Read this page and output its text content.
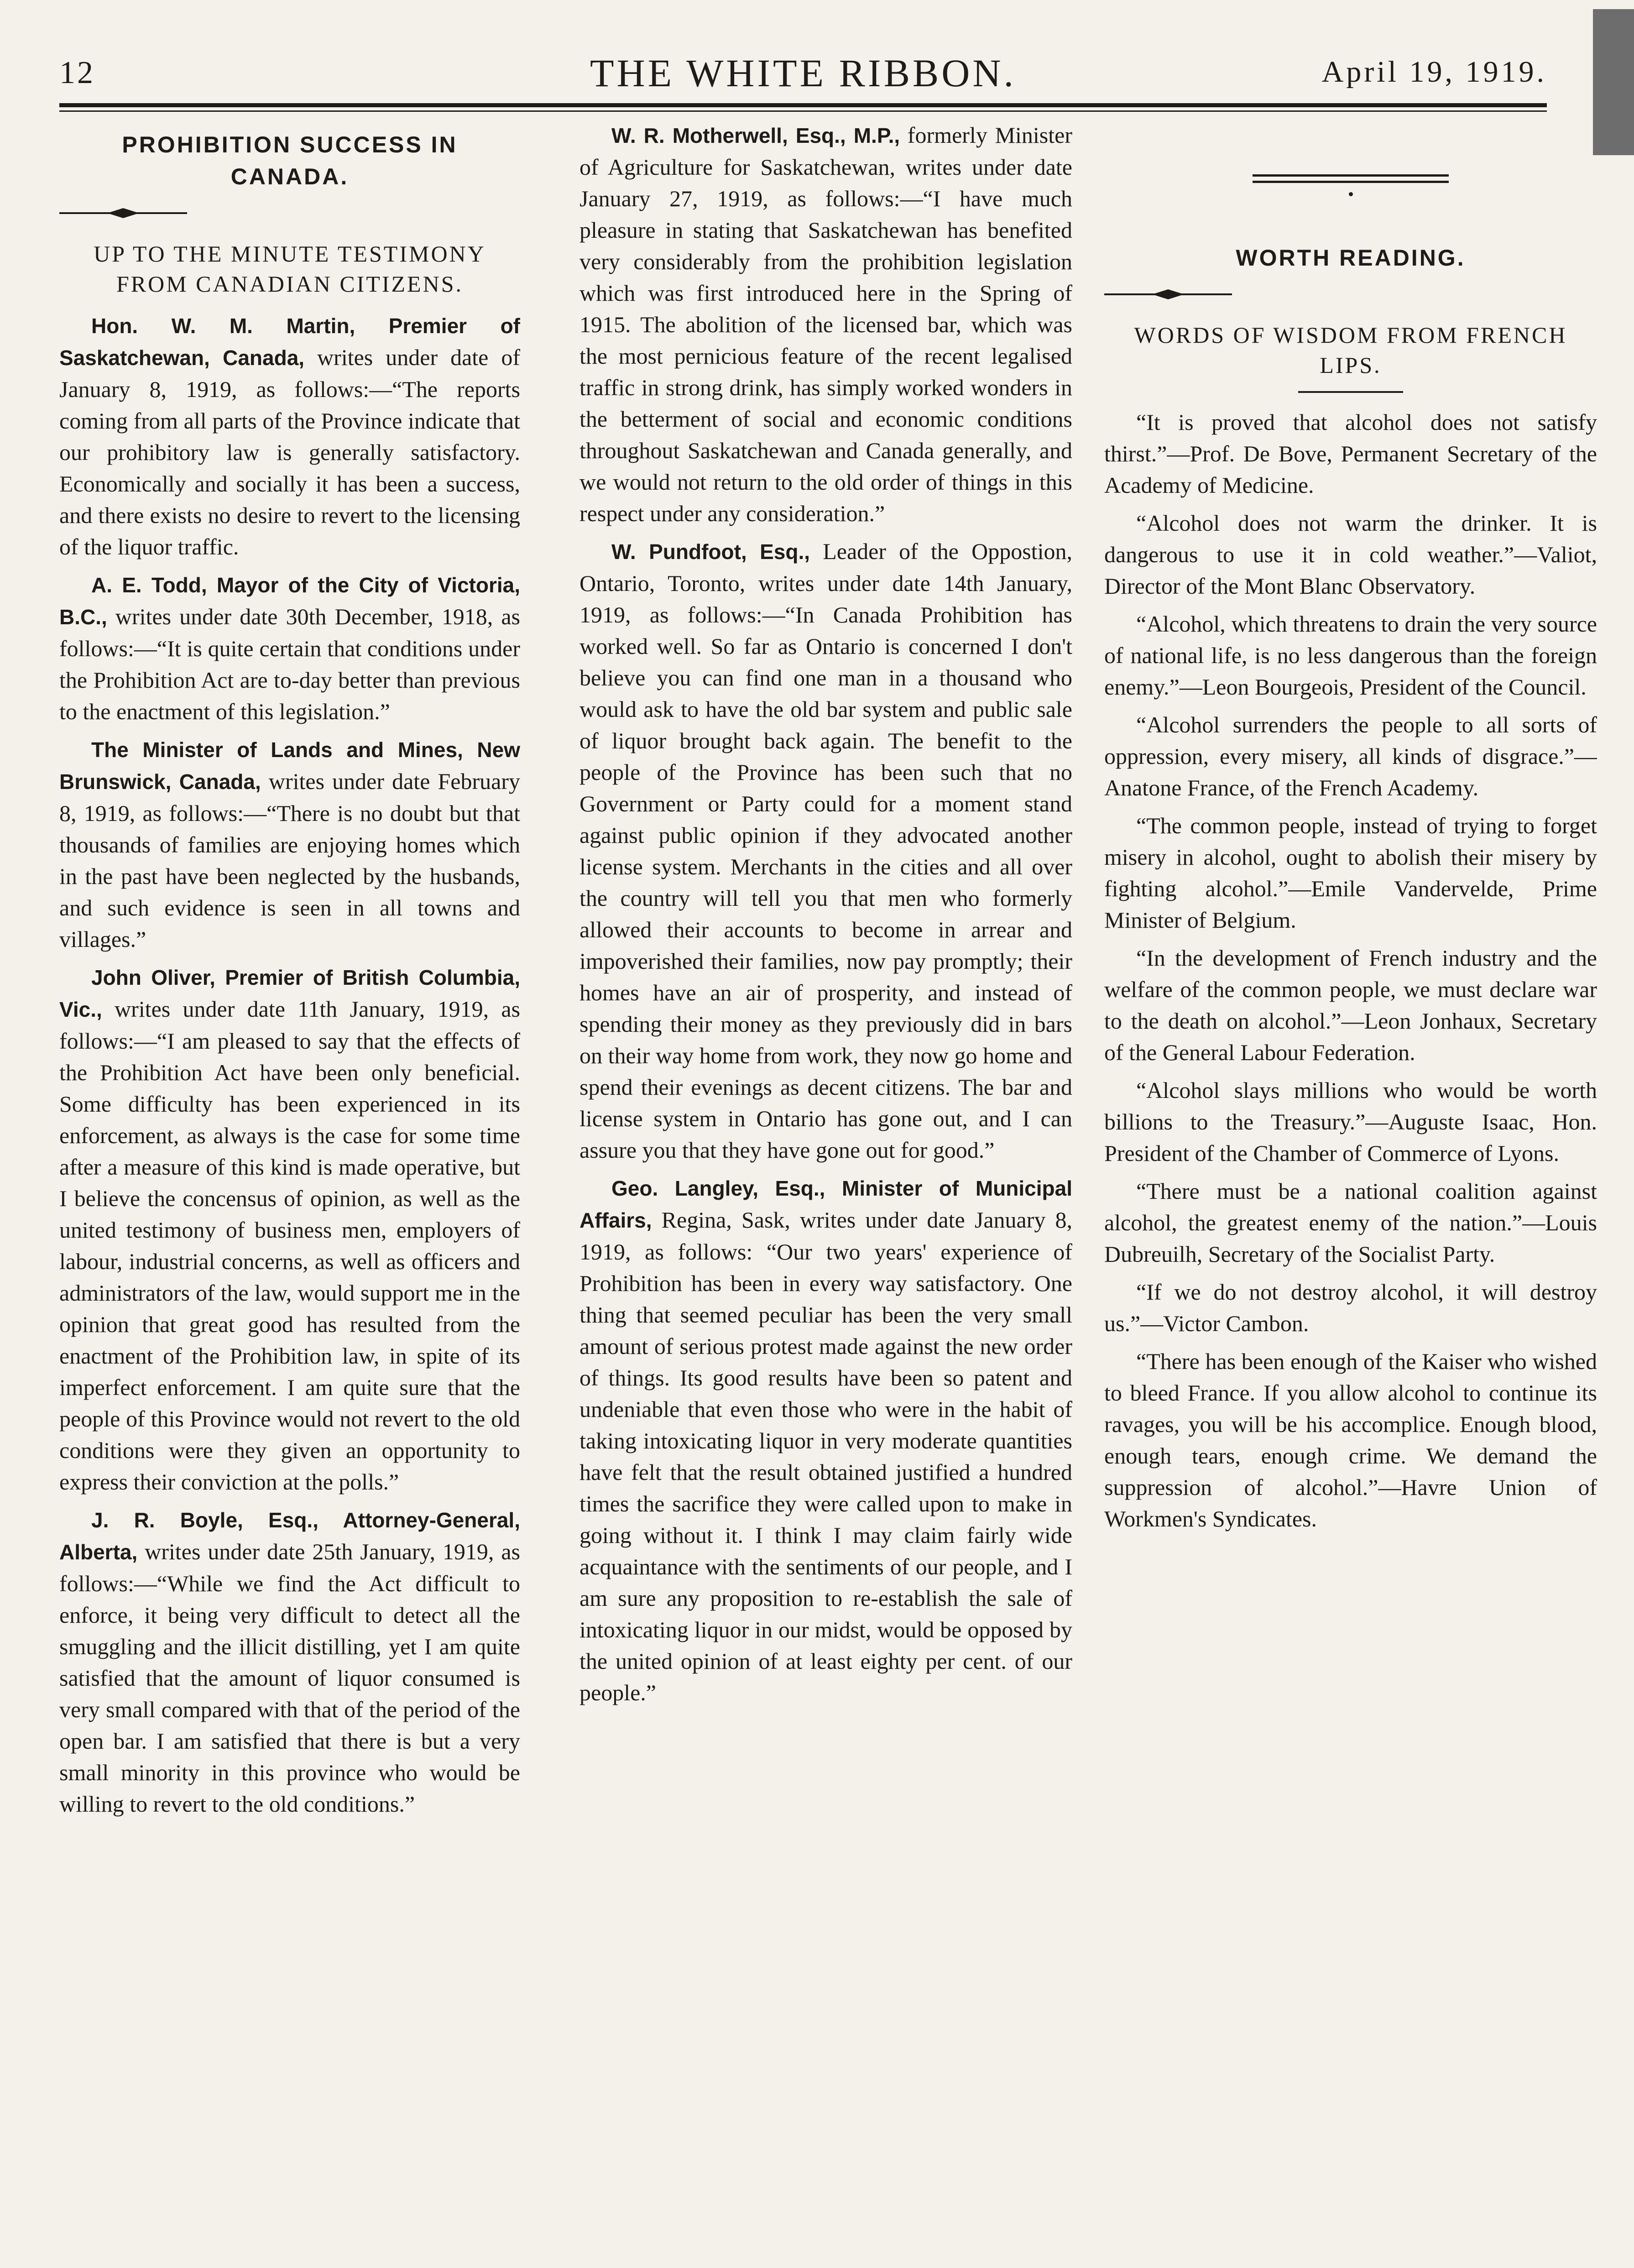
12	THE WHITE RIBBON.	April 19, 1919.
PROHIBITION SUCCESS IN CANADA.
UP TO THE MINUTE TESTIMONY FROM CANADIAN CITIZENS.

Hon. W. M. Martin, Premier of Saskatchewan, Canada, writes under date of January 8, 1919, as follows:—“The reports coming from all parts of the Province indicate that our prohibitory law is generally satisfactory. Economically and socially it has been a success, and there exists no desire to revert to the licensing of the liquor traffic.

A. E. Todd, Mayor of the City of Victoria, B.C., writes under date 30th December, 1918, as follows:—“It is quite certain that conditions under the Prohibition Act are to-day better than previous to the enactment of this legislation.”

The Minister of Lands and Mines, New Brunswick, Canada, writes under date February 8, 1919, as follows:—“There is no doubt but that thousands of families are enjoying homes which in the past have been neglected by the husbands, and such evidence is seen in all towns and villages.”

John Oliver, Premier of British Columbia, Vic., writes under date 11th January, 1919, as follows:—“I am pleased to say that the effects of the Prohibition Act have been only beneficial. Some difficulty has been experienced in its enforcement, as always is the case for some time after a measure of this kind is made operative, but I believe the concensus of opinion, as well as the united testimony of business men, employers of labour, industrial concerns, as well as officers and administrators of the law, would support me in the opinion that great good has resulted from the enactment of the Prohibition law, in spite of its imperfect enforcement. I am quite sure that the people of this Province would not revert to the old conditions were they given an opportunity to express their conviction at the polls.”

J. R. Boyle, Esq., Attorney-General, Alberta, writes under date 25th January, 1919, as follows:—“While we find the Act difficult to enforce, it being very difficult to detect all the smuggling and the illicit distilling, yet I am quite satisfied that the amount of liquor consumed is very small compared with that of the period of the open bar. I am satisfied that there is but a very small minority in this province who would be willing to revert to the old conditions.”

W. R. Motherwell, Esq., M.P., formerly Minister of Agriculture for Saskatchewan, writes under date January 27, 1919, as follows:—“I have much pleasure in stating that Saskatchewan has benefited very considerably from the prohibition legislation which was first introduced here in the Spring of 1915. The abolition of the licensed bar, which was the most pernicious feature of the recent legalised traffic in strong drink, has simply worked wonders in the betterment of social and economic conditions throughout Saskatchewan and Canada generally, and we would not return to the old order of things in this respect under any consideration.”

W. Pundfoot, Esq., Leader of the Oppostion, Ontario, Toronto, writes under date 14th January, 1919, as follows:—“In Canada Prohibition has worked well. So far as Ontario is concerned I don't believe you can find one man in a thousand who would ask to have the old bar system and public sale of liquor brought back again. The benefit to the people of the Province has been such that no Government or Party could for a moment stand against public opinion if they advocated another license system. Merchants in the cities and all over the country will tell you that men who formerly allowed their accounts to become in arrear and impoverished their families, now pay promptly; their homes have an air of prosperity, and instead of spending their money as they previously did in bars on their way home from work, they now go home and spend their evenings as decent citizens. The bar and license system in Ontario has gone out, and I can assure you that they have gone out for good.”

Geo. Langley, Esq., Minister of Municipal Affairs, Regina, Sask, writes under date January 8, 1919, as follows: “Our two years' experience of Prohibition has been in every way satisfactory. One thing that seemed peculiar has been the very small amount of serious protest made against the new order of things. Its good results have been so patent and undeniable that even those who were in the habit of taking intoxicating liquor in very moderate quantities have felt that the result obtained justified a hundred times the sacrifice they were called upon to make in going without it. I think I may claim fairly wide acquaintance with the sentiments of our people, and I am sure any proposition to re-establish the sale of intoxicating liquor in our midst, would be opposed by the united opinion of at least eighty per cent. of our people.”

WORTH READING.
WORDS OF WISDOM FROM FRENCH LIPS.

“It is proved that alcohol does not satisfy thirst.”—Prof. De Bove, Permanent Secretary of the Academy of Medicine.

“Alcohol does not warm the drinker. It is dangerous to use it in cold weather.”—Valiot, Director of the Mont Blanc Observatory.

“Alcohol, which threatens to drain the very source of national life, is no less dangerous than the foreign enemy.”—Leon Bourgeois, President of the Council.

“Alcohol surrenders the people to all sorts of oppression, every misery, all kinds of disgrace.”—Anatone France, of the French Academy.

“The common people, instead of trying to forget misery in alcohol, ought to abolish their misery by fighting alcohol.”—Emile Vandervelde, Prime Minister of Belgium.

“In the development of French industry and the welfare of the common people, we must declare war to the death on alcohol.”—Leon Jonhaux, Secretary of the General Labour Federation.

“Alcohol slays millions who would be worth billions to the Treasury.”—Auguste Isaac, Hon. President of the Chamber of Commerce of Lyons.

“There must be a national coalition against alcohol, the greatest enemy of the nation.”—Louis Dubreuilh, Secretary of the Socialist Party.

“If we do not destroy alcohol, it will destroy us.”—Victor Cambon.

“There has been enough of the Kaiser who wished to bleed France. If you allow alcohol to continue its ravages, you will be his accomplice. Enough blood, enough tears, enough crime. We demand the suppression of alcohol.”—Havre Union of Workmen's Syndicates.
